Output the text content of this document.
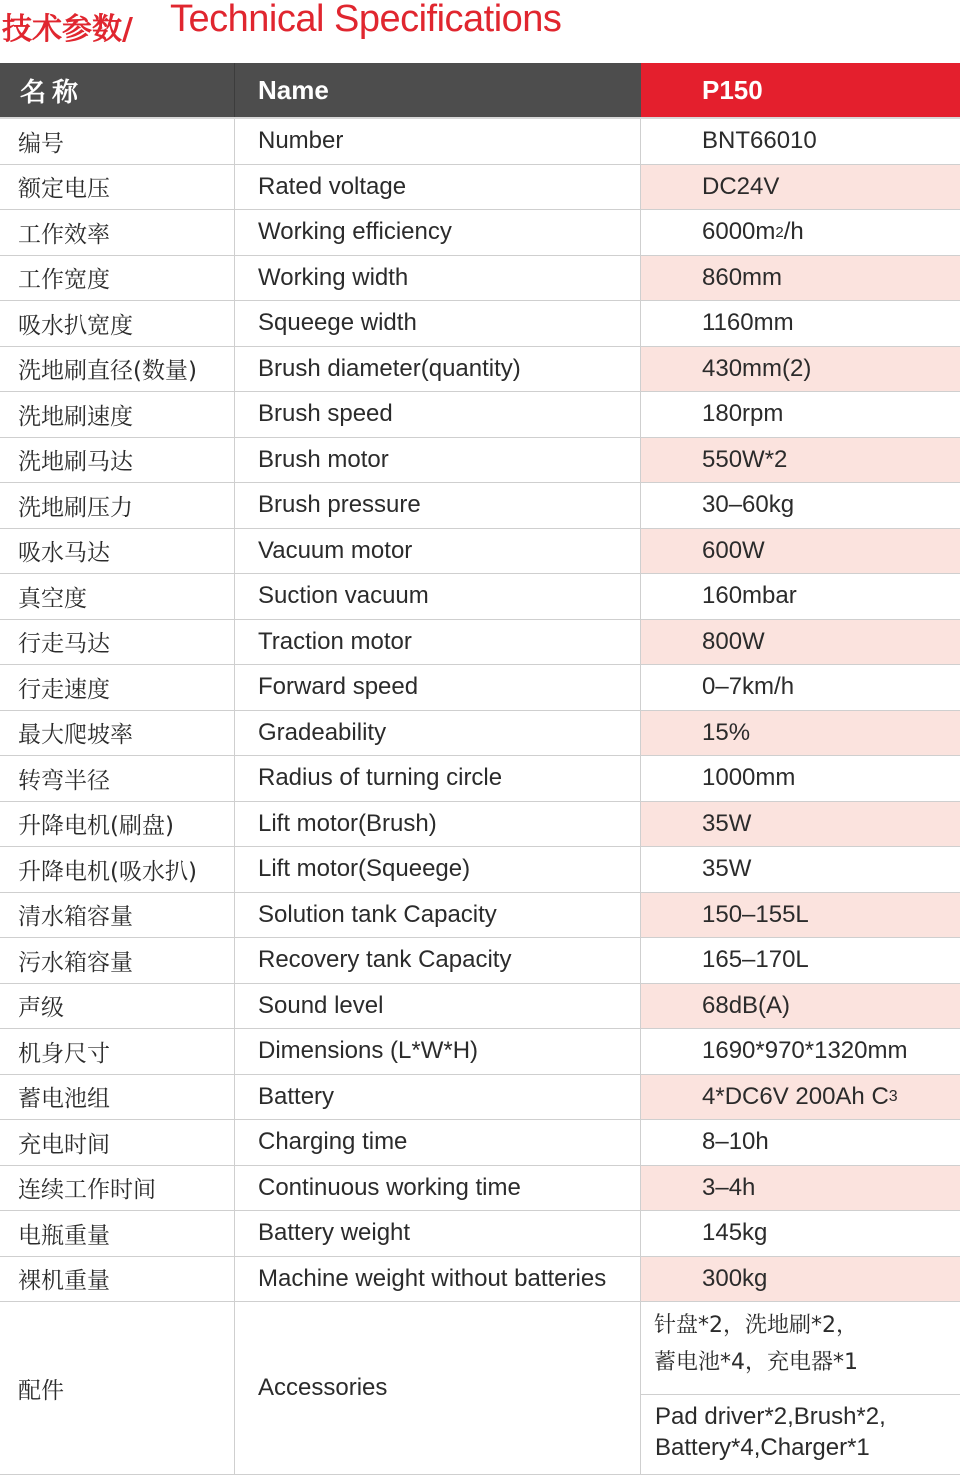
技术参数/ Technical Specifications
名称	Name	P150
编号	Number	BNT66010
额定电压	Rated voltage	DC24V
工作效率	Working efficiency	6000m 2 /h
工作宽度	Working width	860mm
吸水扒宽度	Squeege width	1160mm
洗地刷直径(数量)	Brush diameter(quantity)	430mm(2)
洗地刷速度	Brush speed	180rpm
洗地刷马达	Brush motor	550W*2
洗地刷压力	Brush pressure	30–60kg
吸水马达	Vacuum motor	600W
真空度	Suction vacuum	160mbar
行走马达	Traction motor	800W
行走速度	Forward speed	0–7km/h
最大爬坡率	Gradeability	15%
转弯半径	Radius of turning circle	1000mm
升降电机(刷盘)	Lift motor(Brush)	35W
升降电机(吸水扒)	Lift motor(Squeege)	35W
清水箱容量	Solution tank Capacity	150–155L
污水箱容量	Recovery tank Capacity	165–170L
声级	Sound level	68dB(A)
机身尺寸	Dimensions (L*W*H)	1690*970*1320mm
蓄电池组	Battery	4*DC6V 200Ah C 3
充电时间	Charging time	8–10h
连续工作时间	Continuous working time	3–4h
电瓶重量	Battery weight	145kg
裸机重量	Machine weight without batteries	300kg
配件	Accessories
针盘*2，洗地刷*2，
蓄电池*4，充电器*1
Pad driver*2,Brush*2,
Battery*4,Charger*1
